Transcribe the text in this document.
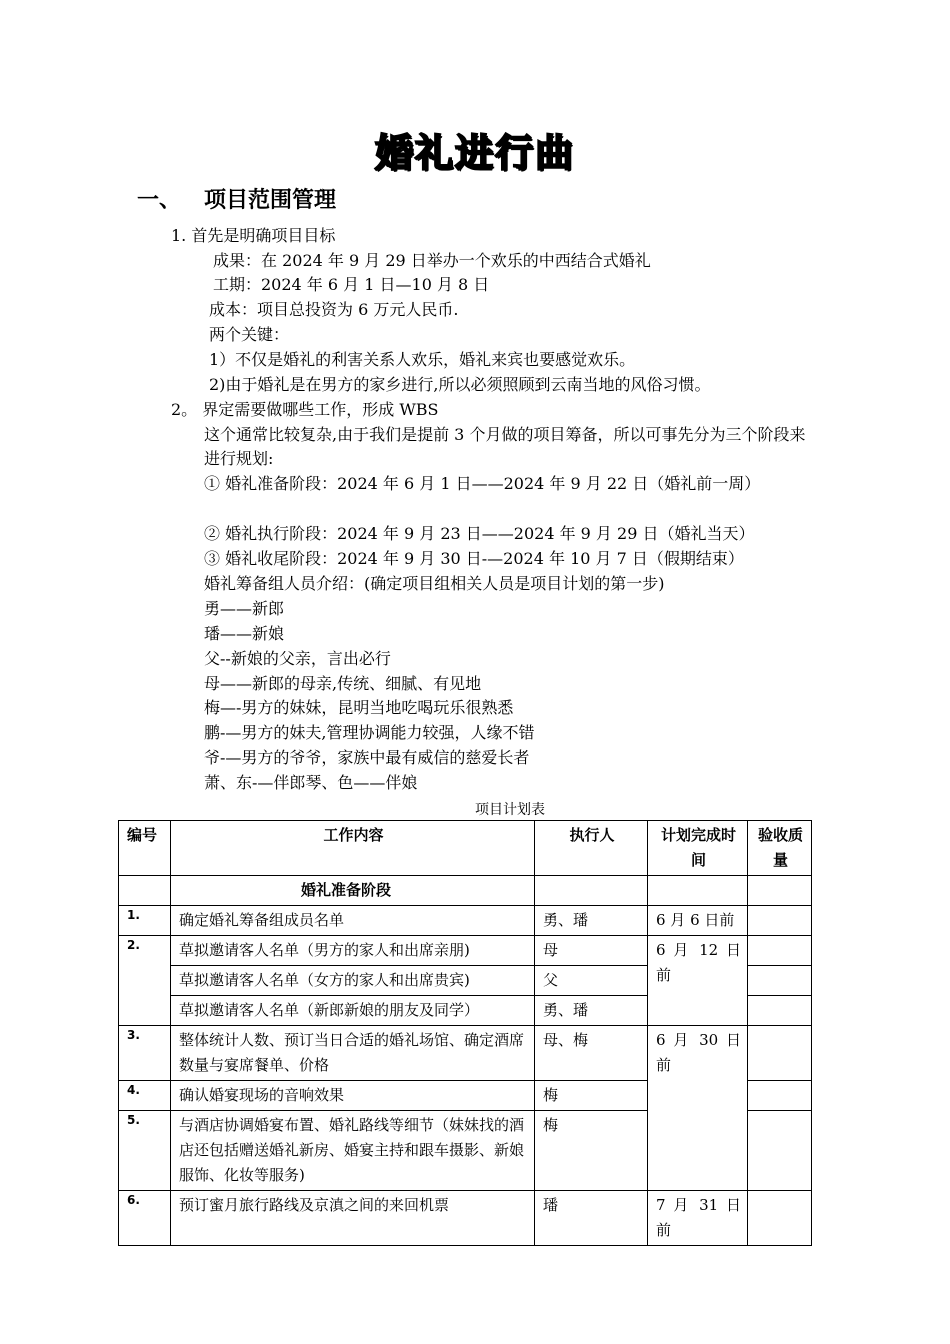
婚礼进行曲
一、 项目范围管理
1. 首先是明确项目目标
成果：在 2024 年 9 月 29 日举办一个欢乐的中西结合式婚礼
工期：2024 年 6 月 1 日—10 月 8 日
成本：项目总投资为 6 万元人民币.
两个关键：
1）不仅是婚礼的利害关系人欢乐，婚礼来宾也要感觉欢乐。
2)由于婚礼是在男方的家乡进行,所以必须照顾到云南当地的风俗习惯。
2。 界定需要做哪些工作，形成 WBS
这个通常比较复杂,由于我们是提前 3 个月做的项目筹备，所以可事先分为三个阶段来进行规划:
① 婚礼准备阶段：2024 年 6 月 1 日——2024 年 9 月 22 日（婚礼前一周）
② 婚礼执行阶段：2024 年 9 月 23 日——2024 年 9 月 29 日（婚礼当天）
③ 婚礼收尾阶段：2024 年 9 月 30 日-—2024 年 10 月 7 日（假期结束）
婚礼筹备组人员介绍：(确定项目组相关人员是项目计划的第一步)
勇——新郎
璠——新娘
父--新娘的父亲，言出必行
母——新郎的母亲,传统、细腻、有见地
梅—-男方的妹妹，昆明当地吃喝玩乐很熟悉
鹏-—男方的妹夫,管理协调能力较强，人缘不错
爷-—男方的爷爷，家族中最有威信的慈爱长者
萧、东-—伴郎琴、色——伴娘
项目计划表
编号	工作内容	执行人	计划完成时间	验收质量
	婚礼准备阶段			
1.	确定婚礼筹备组成员名单	勇、璠	6 月 6 日前	
2.	草拟邀请客人名单（男方的家人和出席亲朋)	母	6 月 12 日前	
	草拟邀请客人名单（女方的家人和出席贵宾)	父		
	草拟邀请客人名单（新郎新娘的朋友及同学）	勇、璠		
3.	整体统计人数、预订当日合适的婚礼场馆、确定酒席数量与宴席餐单、价格	母、梅	6 月 30 日前	
4.	确认婚宴现场的音响效果	梅		
5.	与酒店协调婚宴布置、婚礼路线等细节（妹妹找的酒店还包括赠送婚礼新房、婚宴主持和跟车摄影、新娘服饰、化妆等服务)	梅		
6.	预订蜜月旅行路线及京滇之间的来回机票	璠	7 月 31 日前	
